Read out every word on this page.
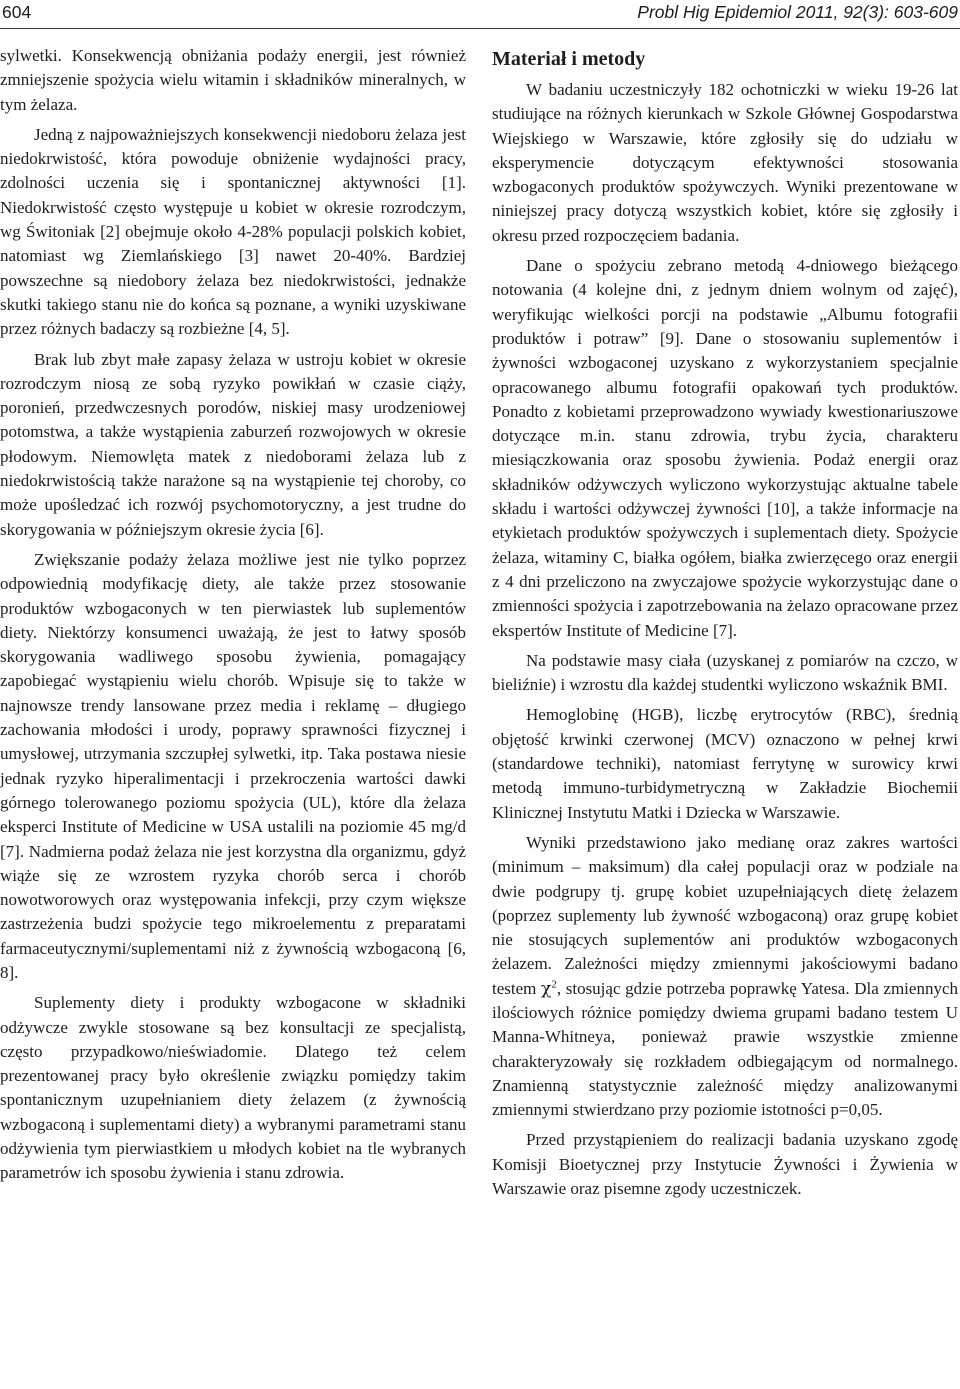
604	Probl Hig Epidemiol 2011, 92(3): 603-609

sylwetki. Konsekwencją obniżania podaży energii, jest również zmniejszenie spożycia wielu witamin i składników mineralnych, w tym żelaza.

Jedną z najpoważniejszych konsekwencji niedoboru żelaza jest niedokrwistość, która powoduje obniżenie wydajności pracy, zdolności uczenia się i spontanicznej aktywności [1]. Niedokrwistość często występuje u kobiet w okresie rozrodczym, wg Świtoniak [2] obejmuje około 4-28% populacji polskich kobiet, natomiast wg Ziemlańskiego [3] nawet 20-40%. Bardziej powszechne są niedobory żelaza bez niedokrwistości, jednakże skutki takiego stanu nie do końca są poznane, a wyniki uzyskiwane przez różnych badaczy są rozbieżne [4, 5].

Brak lub zbyt małe zapasy żelaza w ustroju kobiet w okresie rozrodczym niosą ze sobą ryzyko powikłań w czasie ciąży, poronień, przedwczesnych porodów, niskiej masy urodzeniowej potomstwa, a także wystąpienia zaburzeń rozwojowych w okresie płodowym. Niemowlęta matek z niedoborami żelaza lub z niedokrwistością także narażone są na wystąpienie tej choroby, co może upośledzać ich rozwój psychomotoryczny, a jest trudne do skorygowania w późniejszym okresie życia [6].

Zwiększanie podaży żelaza możliwe jest nie tylko poprzez odpowiednią modyfikację diety, ale także przez stosowanie produktów wzbogaconych w ten pierwiastek lub suplementów diety. Niektórzy konsumenci uważają, że jest to łatwy sposób skorygowania wadliwego sposobu żywienia, pomagający zapobiegać wystąpieniu wielu chorób. Wpisuje się to także w najnowsze trendy lansowane przez media i reklamę – długiego zachowania młodości i urody, poprawy sprawności fizycznej i umysłowej, utrzymania szczupłej sylwetki, itp. Taka postawa niesie jednak ryzyko hiperalimentacji i przekroczenia wartości dawki górnego tolerowanego poziomu spożycia (UL), które dla żelaza eksperci Institute of Medicine w USA ustalili na poziomie 45 mg/d [7]. Nadmierna podaż żelaza nie jest korzystna dla organizmu, gdyż wiąże się ze wzrostem ryzyka chorób serca i chorób nowotworowych oraz występowania infekcji, przy czym większe zastrzeżenia budzi spożycie tego mikroelementu z preparatami farmaceutycznymi/suplementami niż z żywnością wzbogaconą [6, 8].

Suplementy diety i produkty wzbogacone w składniki odżywcze zwykle stosowane są bez konsultacji ze specjalistą, często przypadkowo/nieświadomie. Dlatego też celem prezentowanej pracy było określenie związku pomiędzy takim spontanicznym uzupełnianiem diety żelazem (z żywnością wzbogaconą i suplementami diety) a wybranymi parametrami stanu odżywienia tym pierwiastkiem u młodych kobiet na tle wybranych parametrów ich sposobu żywienia i stanu zdrowia.

Materiał i metody

W badaniu uczestniczyły 182 ochotniczki w wieku 19-26 lat studiujące na różnych kierunkach w Szkole Głównej Gospodarstwa Wiejskiego w Warszawie, które zgłosiły się do udziału w eksperymencie dotyczącym efektywności stosowania wzbogaconych produktów spożywczych. Wyniki prezentowane w niniejszej pracy dotyczą wszystkich kobiet, które się zgłosiły i okresu przed rozpoczęciem badania.

Dane o spożyciu zebrano metodą 4-dniowego bieżącego notowania (4 kolejne dni, z jednym dniem wolnym od zajęć), weryfikując wielkości porcji na podstawie „Albumu fotografii produktów i potraw” [9]. Dane o stosowaniu suplementów i żywności wzbogaconej uzyskano z wykorzystaniem specjalnie opracowanego albumu fotografii opakowań tych produktów. Ponadto z kobietami przeprowadzono wywiady kwestionariuszowe dotyczące m.in. stanu zdrowia, trybu życia, charakteru miesiączkowania oraz sposobu żywienia. Podaż energii oraz składników odżywczych wyliczono wykorzystując aktualne tabele składu i wartości odżywczej żywności [10], a także informacje na etykietach produktów spożywczych i suplementach diety. Spożycie żelaza, witaminy C, białka ogółem, białka zwierzęcego oraz energii z 4 dni przeliczono na zwyczajowe spożycie wykorzystując dane o zmienności spożycia i zapotrzebowania na żelazo opracowane przez ekspertów Institute of Medicine [7].

Na podstawie masy ciała (uzyskanej z pomiarów na czczo, w bieliźnie) i wzrostu dla każdej studentki wyliczono wskaźnik BMI.

Hemoglobinę (HGB), liczbę erytrocytów (RBC), średnią objętość krwinki czerwonej (MCV) oznaczono w pełnej krwi (standardowe techniki), natomiast ferrytynę w surowicy krwi metodą immuno-turbidymetryczną w Zakładzie Biochemii Klinicznej Instytutu Matki i Dziecka w Warszawie.

Wyniki przedstawiono jako medianę oraz zakres wartości (minimum – maksimum) dla całej populacji oraz w podziale na dwie podgrupy tj. grupę kobiet uzupełniających dietę żelazem (poprzez suplementy lub żywność wzbogaconą) oraz grupę kobiet nie stosujących suplementów ani produktów wzbogaconych żelazem. Zależności między zmiennymi jakościowymi badano testem $\chi^2$, stosując gdzie potrzeba poprawkę Yatesa. Dla zmiennych ilościowych różnice pomiędzy dwiema grupami badano testem U Manna-Whitneya, ponieważ prawie wszystkie zmienne charakteryzowały się rozkładem odbiegającym od normalnego. Znamienną statystycznie zależność między analizowanymi zmiennymi stwierdzano przy poziomie istotności p=0,05.

Przed przystąpieniem do realizacji badania uzyskano zgodę Komisji Bioetycznej przy Instytucie Żywności i Żywienia w Warszawie oraz pisemne zgody uczestniczek.
